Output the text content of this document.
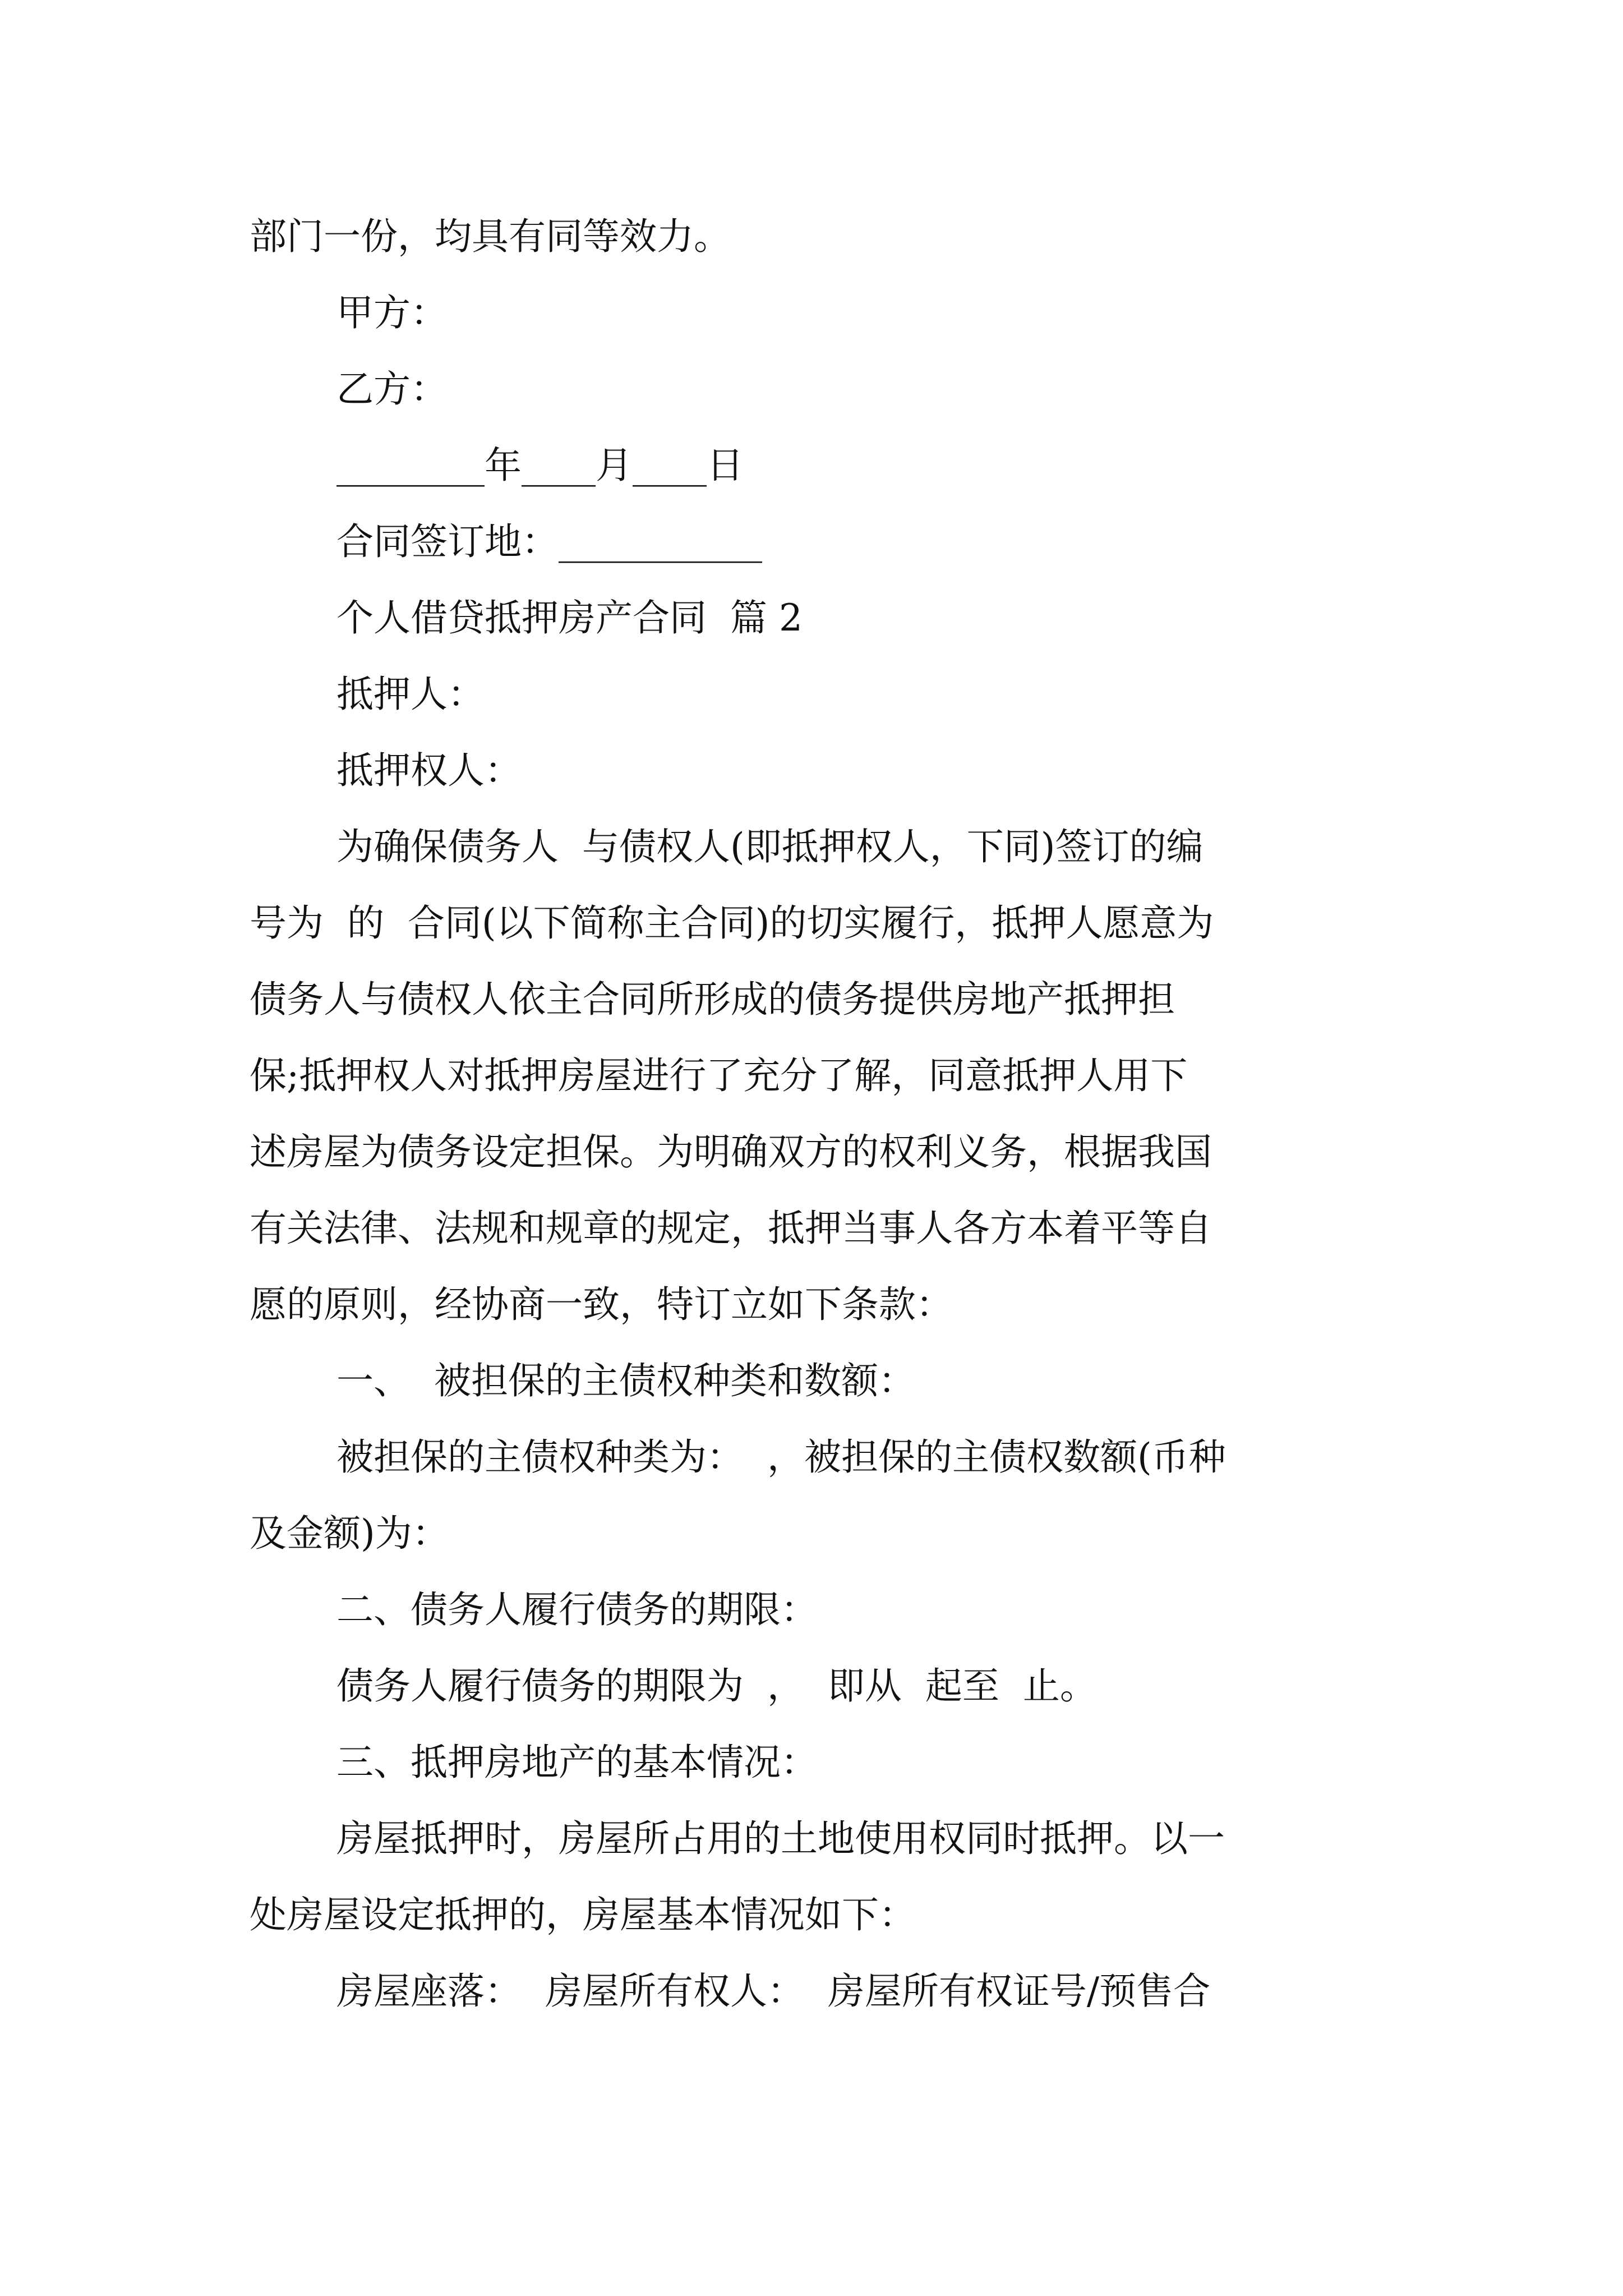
部门一份，均具有同等效力。
甲方：
乙方：
________年____月____日
合同签订地：___________
个人借贷抵押房产合同  篇 2
抵押人：
抵押权人：
为确保债务人  与债权人(即抵押权人，下同)签订的编
号为  的  合同(以下简称主合同)的切实履行，抵押人愿意为
债务人与债权人依主合同所形成的债务提供房地产抵押担
保;抵押权人对抵押房屋进行了充分了解，同意抵押人用下
述房屋为债务设定担保。为明确双方的权利义务，根据我国
有关法律、法规和规章的规定，抵押当事人各方本着平等自
愿的原则，经协商一致，特订立如下条款：
一、  被担保的主债权种类和数额：
被担保的主债权种类为：  ，被担保的主债权数额(币种
及金额)为：
二、债务人履行债务的期限：
债务人履行债务的期限为  ，  即从  起至  止。
三、抵押房地产的基本情况：
房屋抵押时，房屋所占用的土地使用权同时抵押。以一
处房屋设定抵押的，房屋基本情况如下：
房屋座落：  房屋所有权人：  房屋所有权证号/预售合
